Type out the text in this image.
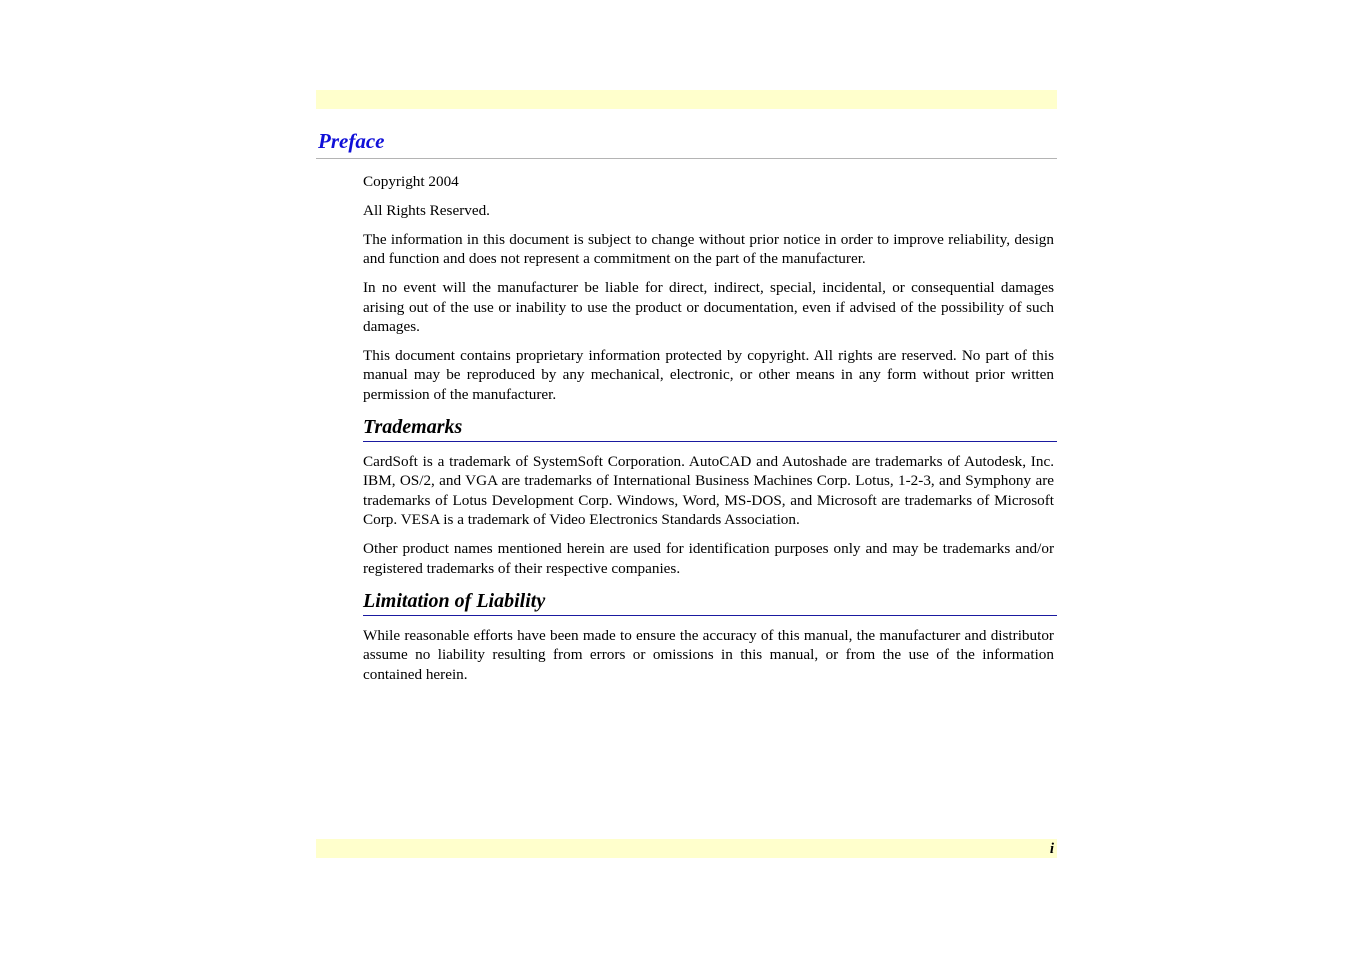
Preface

Copyright 2004

All Rights Reserved.

The information in this document is subject to change without prior notice in order to improve reliability, design and function and does not represent a commitment on the part of the manufacturer.

In no event will the manufacturer be liable for direct, indirect, special, incidental, or consequential damages arising out of the use or inability to use the product or documentation, even if advised of the possibility of such damages.

This document contains proprietary information protected by copyright. All rights are reserved. No part of this manual may be reproduced by any mechanical, electronic, or other means in any form without prior written permission of the manufacturer.

Trademarks

CardSoft is a trademark of SystemSoft Corporation. AutoCAD and Autoshade are trademarks of Autodesk, Inc. IBM, OS/2, and VGA are trademarks of International Business Machines Corp. Lotus, 1-2-3, and Symphony are trademarks of Lotus Development Corp. Windows, Word, MS-DOS, and Microsoft are trademarks of Microsoft Corp. VESA is a trademark of Video Electronics Standards Association.

Other product names mentioned herein are used for identification purposes only and may be trademarks and/or registered trademarks of their respective companies.

Limitation of Liability

While reasonable efforts have been made to ensure the accuracy of this manual, the manufacturer and distributor assume no liability resulting from errors or omissions in this manual, or from the use of the information contained herein.

i
